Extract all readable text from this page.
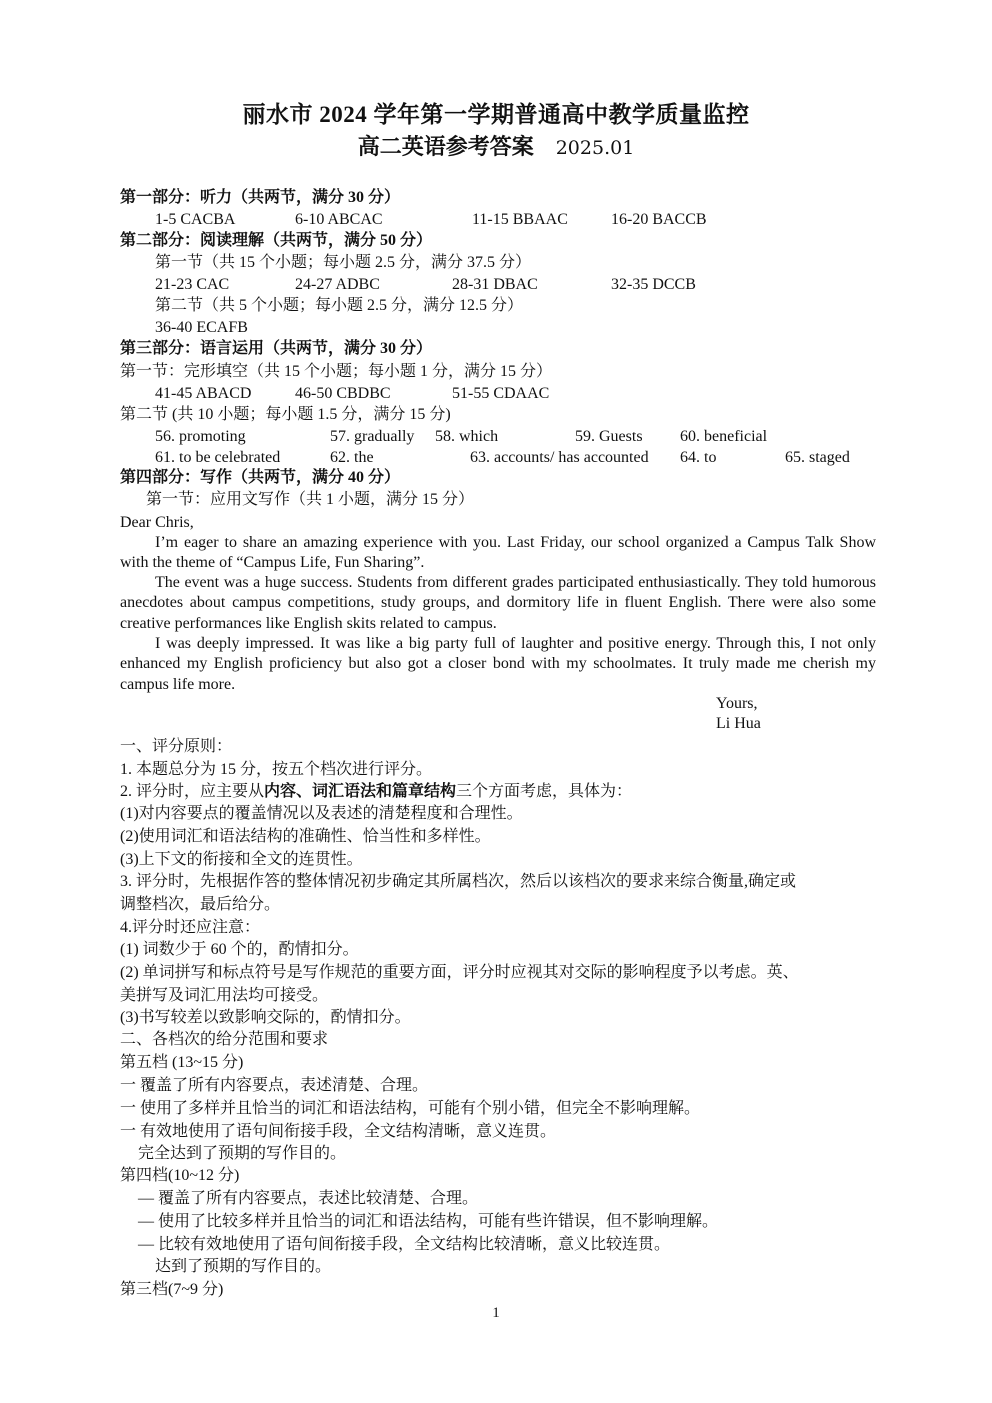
丽水市 2024 学年第一学期普通高中教学质量监控
高二英语参考答案 2025.01
第一部分：听力（共两节，满分 30 分）
1-5 CACBA	6-10 ABCAC	11-15 BBAAC	16-20 BACCB
第二部分：阅读理解（共两节，满分 50 分）
第一节（共 15 个小题；每小题 2.5 分，满分 37.5 分）
21-23 CAC	24-27 ADBC	28-31 DBAC	32-35 DCCB
第二节（共 5 个小题；每小题 2.5 分，满分 12.5 分）
36-40 ECAFB
第三部分：语言运用（共两节，满分 30 分）
第一节：完形填空（共 15 个小题；每小题 1 分，满分 15 分）
41-45 ABACD	46-50 CBDBC	51-55 CDAAC
第二节 (共 10 小题；每小题 1.5 分，满分 15 分)
56. promoting	57. gradually 58. which	59. Guests 60. beneficial
61. to be celebrated	62. the	63. accounts/ has accounted 64. to	65. staged
第四部分：写作（共两节，满分 40 分）
第一节：应用文写作（共 1 小题，满分 15 分）
Dear Chris,
I’m eager to share an amazing experience with you. Last Friday, our school organized a Campus Talk Show with the theme of “Campus Life, Fun Sharing”.
The event was a huge success. Students from different grades participated enthusiastically. They told humorous anecdotes about campus competitions, study groups, and dormitory life in fluent English. There were also some creative performances like English skits related to campus.
I was deeply impressed. It was like a big party full of laughter and positive energy. Through this, I not only enhanced my English proficiency but also got a closer bond with my schoolmates. It truly made me cherish my campus life more.
Yours,
Li Hua
一、评分原则：
1. 本题总分为 15 分，按五个档次进行评分。
2. 评分时，应主要从内容、词汇语法和篇章结构三个方面考虑，具体为：
(1)对内容要点的覆盖情况以及表述的清楚程度和合理性。
(2)使用词汇和语法结构的准确性、恰当性和多样性。
(3)上下文的衔接和全文的连贯性。
3. 评分时，先根据作答的整体情况初步确定其所属档次，然后以该档次的要求来综合衡量,确定或
调整档次，最后给分。
4.评分时还应注意：
(1) 词数少于 60 个的，酌情扣分。
(2) 单词拼写和标点符号是写作规范的重要方面，评分时应视其对交际的影响程度予以考虑。英、
美拼写及词汇用法均可接受。
(3)书写较差以致影响交际的，酌情扣分。
二、各档次的给分范围和要求
第五档 (13~15 分)
一 覆盖了所有内容要点，表述清楚、合理。
一 使用了多样并且恰当的词汇和语法结构，可能有个别小错，但完全不影响理解。
一 有效地使用了语句间衔接手段，全文结构清晰，意义连贯。
完全达到了预期的写作目的。
第四档(10~12 分)
— 覆盖了所有内容要点，表述比较清楚、合理。
— 使用了比较多样并且恰当的词汇和语法结构，可能有些许错误，但不影响理解。
— 比较有效地使用了语句间衔接手段，全文结构比较清晰，意义比较连贯。
达到了预期的写作目的。
第三档(7~9 分)
1
